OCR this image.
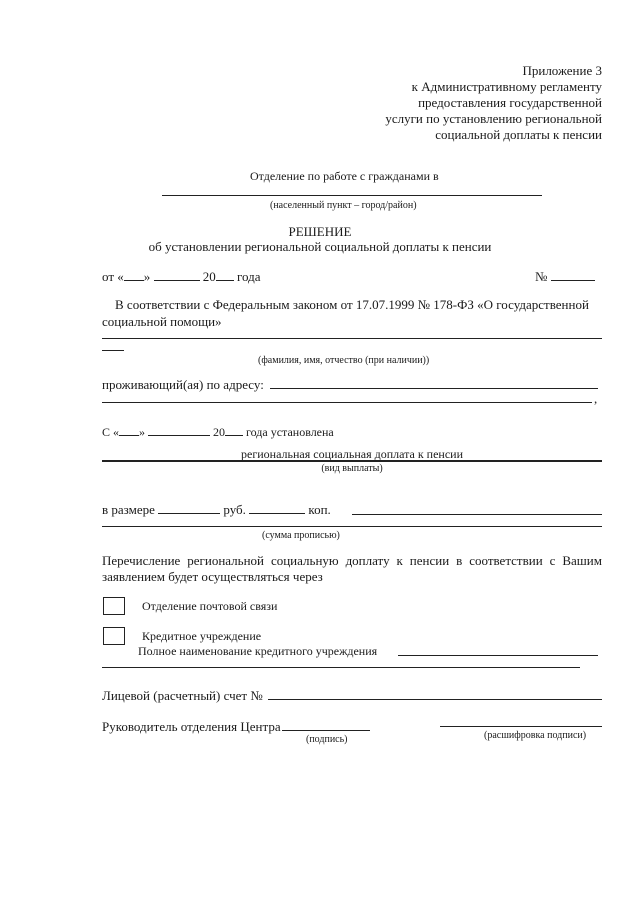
Приложение 3
к Административному регламенту
предоставления государственной
услуги по установлению региональной
социальной доплаты к пенсии
Отделение по работе с гражданами в
(населенный пункт – город/район)
РЕШЕНИЕ
об установлении региональной социальной доплаты к пенсии
от « »	20 года	№
В соответствии с Федеральным законом от 17.07.1999 № 178-ФЗ «О государственной
социальной помощи»
(фамилия, имя, отчество (при наличии))
проживающий(ая) по адресу:
,
С « »	20 года установлена
региональная социальная доплата к пенсии
(вид выплаты)
в размере	руб.	коп.
(сумма прописью)
Перечисление региональной социальную доплату к пенсии в соответствии с Вашим
заявлением будет осуществляться через
Отделение почтовой связи
Кредитное учреждение
Полное наименование кредитного учреждения
Лицевой (расчетный) счет №
Руководитель отделения Центра
(подпись)	(расшифровка подписи)
